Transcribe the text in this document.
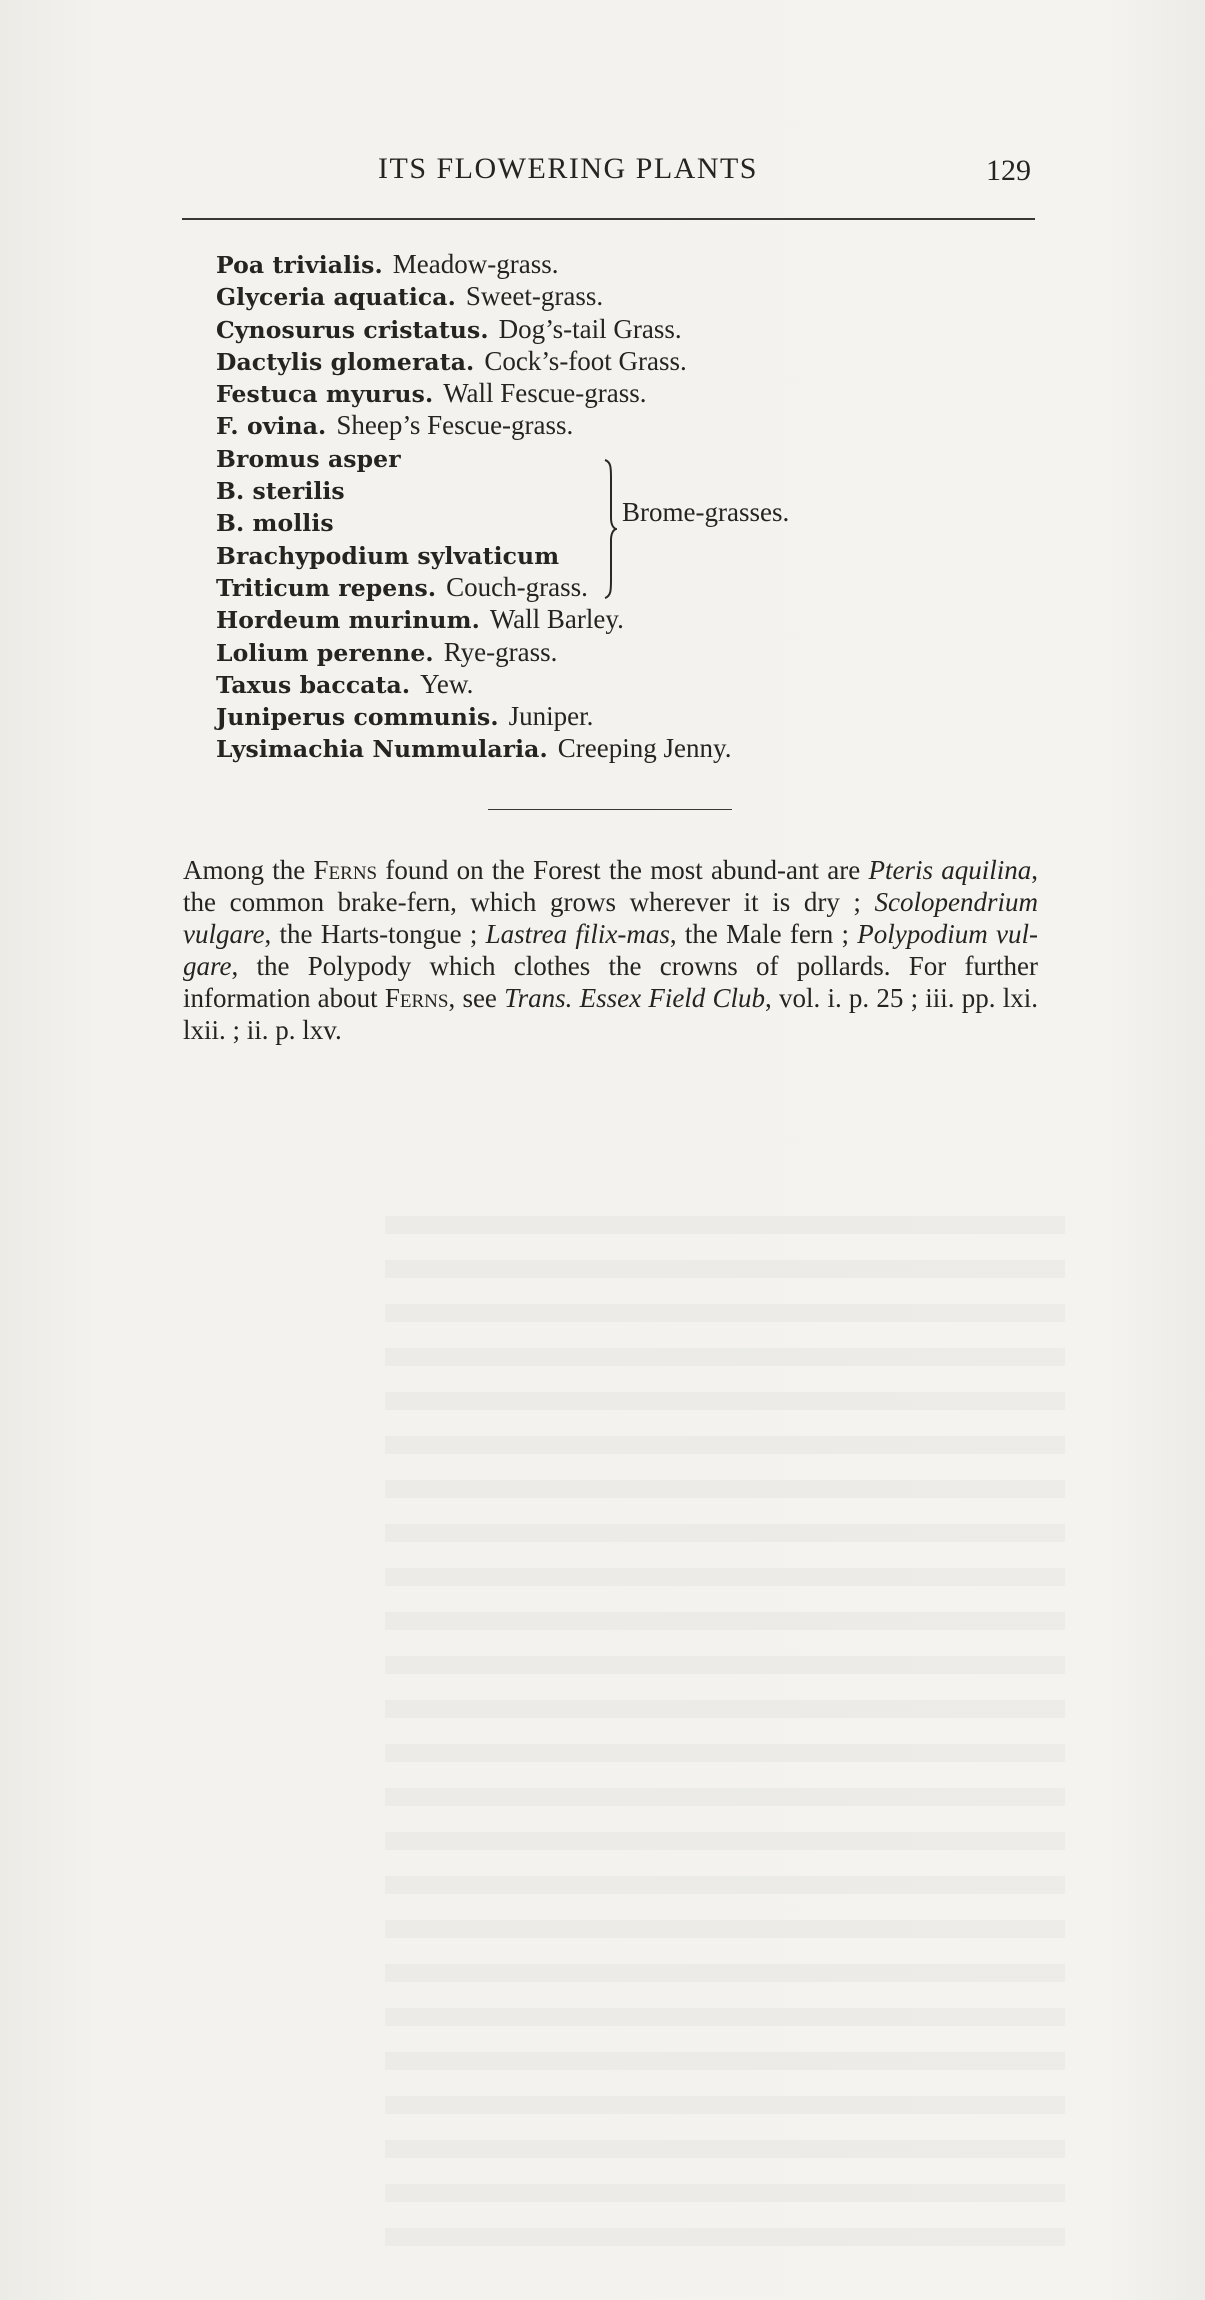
ITS FLOWERING PLANTS	129
Poa trivialis. Meadow-grass.
Glyceria aquatica. Sweet-grass.
Cynosurus cristatus. Dog’s-tail Grass.
Dactylis glomerata. Cock’s-foot Grass.
Festuca myurus. Wall Fescue-grass.
F. ovina. Sheep’s Fescue-grass.
Bromus asper
B. sterilis
B. mollis
Brachypodium sylvaticum
Triticum repens. Couch-grass.
Hordeum murinum. Wall Barley.
Lolium perenne. Rye-grass.
Taxus baccata. Yew.
Juniperus communis. Juniper.
Lysimachia Nummularia. Creeping Jenny.
Brome-grasses.

Among the Ferns found on the Forest the most abund-ant are Pteris aquilina, the common brake-fern, which grows wherever it is dry ; Scolopendrium vulgare, the Harts-tongue ; Lastrea filix-mas, the Male fern ; Polypodium vul-gare, the Polypody which clothes the crowns of pollards. For further information about Ferns, see Trans. Essex Field Club, vol. i. p. 25 ; iii. pp. lxi. lxii. ; ii. p. lxv.
